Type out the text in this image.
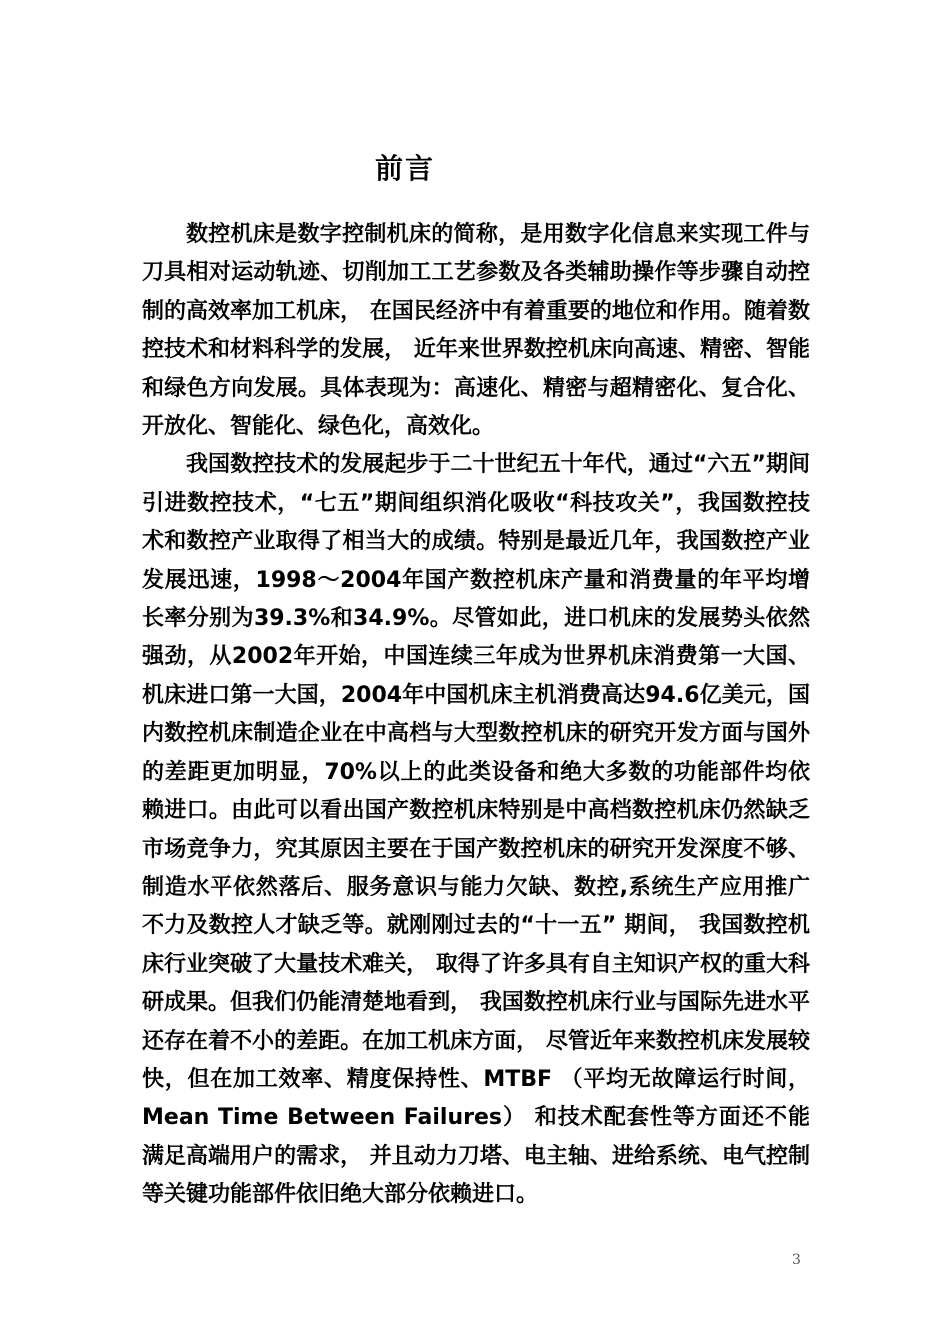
前言

数控机床是数字控制机床的简称，是用数字化信息来实现工件与刀具相对运动轨迹、切削加工工艺参数及各类辅助操作等步骤自动控制的高效率加工机床， 在国民经济中有着重要的地位和作用。随着数控技术和材料科学的发展， 近年来世界数控机床向高速、精密、智能和绿色方向发展。具体表现为：高速化、精密与超精密化、复合化、开放化、智能化、绿色化，高效化。

我国数控技术的发展起步于二十世纪五十年代，通过“六五”期间引进数控技术，“七五”期间组织消化吸收“科技攻关”，我国数控技术和数控产业取得了相当大的成绩。特别是最近几年，我国数控产业发展迅速，1998～2004年国产数控机床产量和消费量的年平均增长率分别为39.3%和34.9%。尽管如此，进口机床的发展势头依然强劲，从2002年开始，中国连续三年成为世界机床消费第一大国、机床进口第一大国，2004年中国机床主机消费高达94.6亿美元，国内数控机床制造企业在中高档与大型数控机床的研究开发方面与国外的差距更加明显，70%以上的此类设备和绝大多数的功能部件均依赖进口。由此可以看出国产数控机床特别是中高档数控机床仍然缺乏市场竞争力，究其原因主要在于国产数控机床的研究开发深度不够、制造水平依然落后、服务意识与能力欠缺、数控,系统生产应用推广不力及数控人才缺乏等。就刚刚过去的“十一五” 期间， 我国数控机床行业突破了大量技术难关， 取得了许多具有自主知识产权的重大科研成果。但我们仍能清楚地看到， 我国数控机床行业与国际先进水平还存在着不小的差距。在加工机床方面， 尽管近年来数控机床发展较快，但在加工效率、精度保持性、MTBF （平均无故障运行时间， Mean Time Between Failures） 和技术配套性等方面还不能满足高端用户的需求， 并且动力刀塔、电主轴、进给系统、电气控制等关键功能部件依旧绝大部分依赖进口。

3
